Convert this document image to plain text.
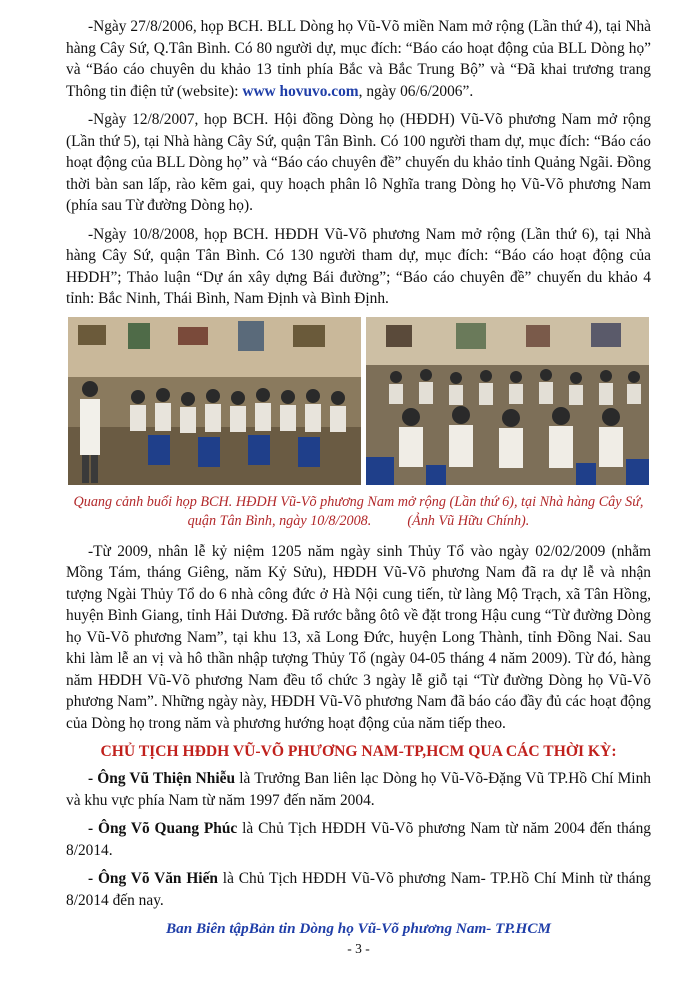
-Ngày 27/8/2006, họp BCH. BLL Dòng họ Vũ-Võ miền Nam mở rộng (Lần thứ 4), tại Nhà hàng Cây Sứ, Q.Tân Bình. Có 80 người dự, mục đích: “Báo cáo hoạt động của BLL Dòng họ” và “Báo cáo chuyên du khảo 13 tỉnh phía Bắc và Bắc Trung Bộ” và “Đã khai trương trang Thông tin điện tử (website): www hovuvo.com, ngày 06/6/2006”.

-Ngày 12/8/2007, họp BCH. Hội đồng Dòng họ (HĐDH) Vũ-Võ phương Nam mở rộng (Lần thứ 5), tại Nhà hàng Cây Sứ, quận Tân Bình. Có 100 người tham dự, mục đích: “Báo cáo hoạt động của BLL Dòng họ” và “Báo cáo chuyên đề” chuyến du khảo tỉnh Quảng Ngãi. Đồng thời bàn san lấp, rào kẽm gai, quy hoạch phân lô Nghĩa trang Dòng họ Vũ-Võ phương Nam (phía sau Từ đường Dòng họ).

-Ngày 10/8/2008, họp BCH. HĐDH Vũ-Võ phương Nam mở rộng (Lần thứ 6), tại Nhà hàng Cây Sứ, quận Tân Bình. Có 130 người tham dự, mục đích: “Báo cáo hoạt động của HĐDH”; Thảo luận “Dự án xây dựng Bái đường”; “Báo cáo chuyên đề” chuyến du khảo 4 tỉnh: Bắc Ninh, Thái Bình, Nam Định và Bình Định.

Quang cảnh buổi họp BCH. HĐDH Vũ-Võ phương Nam mở rộng (Lần thứ 6), tại Nhà hàng Cây Sứ, quận Tân Bình, ngày 10/8/2008.	(Ảnh Vũ Hữu Chính).

-Từ 2009, nhân lễ kỷ niệm 1205 năm ngày sinh Thủy Tổ vào ngày 02/02/2009 (nhằm Mồng Tám, tháng Giêng, năm Kỷ Sửu), HĐDH Vũ-Võ phương Nam đã ra dự lễ và nhận tượng Ngài Thủy Tổ do 6 nhà công đức ở Hà Nội cung tiến, từ làng Mộ Trạch, xã Tân Hồng, huyện Bình Giang, tỉnh Hải Dương. Đã rước bằng ôtô về đặt trong Hậu cung “Từ đường Dòng họ Vũ-Võ phương Nam”, tại khu 13, xã Long Đức, huyện Long Thành, tỉnh Đồng Nai. Sau khi làm lễ an vị và hô thần nhập tượng Thủy Tổ (ngày 04-05 tháng 4 năm 2009). Từ đó, hàng năm HĐDH Vũ-Võ phương Nam đều tổ chức 3 ngày lễ giỗ tại “Từ đường Dòng họ Vũ-Võ phương Nam”. Những ngày này, HĐDH Vũ-Võ phương Nam đã báo cáo đầy đủ các hoạt động của Dòng họ trong năm và phương hướng hoạt động của năm tiếp theo.

CHỦ TỊCH HĐDH VŨ-VÕ PHƯƠNG NAM-TP,HCM QUA CÁC THỜI KỲ:

- Ông Vũ Thiện Nhiễu là Trưởng Ban liên lạc Dòng họ Vũ-Võ-Đặng Vũ TP.Hồ Chí Minh và khu vực phía Nam từ năm 1997 đến năm 2004.

- Ông Võ Quang Phúc là Chủ Tịch HĐDH Vũ-Võ phương Nam từ năm 2004 đến tháng 8/2014.

- Ông Võ Văn Hiến là Chủ Tịch HĐDH Vũ-Võ phương Nam- TP.Hồ Chí Minh từ tháng 8/2014 đến nay.

Ban Biên tậpBản tin Dòng họ Vũ-Võ phương Nam- TP.HCM
- 3 -
